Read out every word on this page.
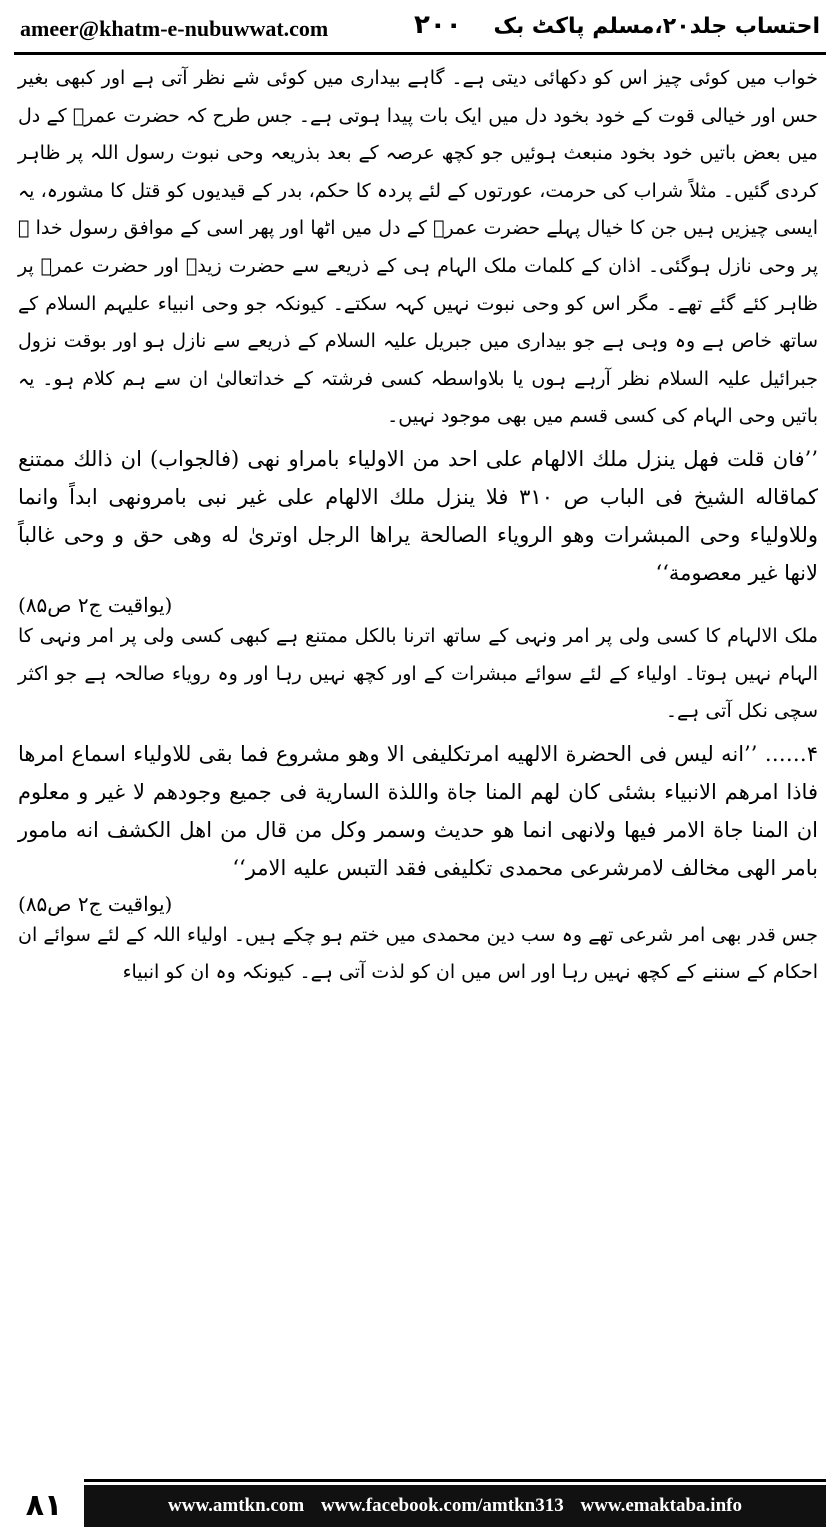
ameer@khatm-e-nubuwwat.com	۲۰۰ احتساب جلد۲۰،مسلم پاکٹ بک

خواب میں کوئی چیز اس کو دکھائی دیتی ہے۔ گاہے بیداری میں کوئی شے نظر آتی ہے اور کبھی بغیر حس اور خیالی قوت کے خود بخود دل میں ایک بات پیدا ہوتی ہے۔ جس طرح کہ حضرت عمرؓ کے دل میں بعض باتیں خود بخود منبعث ہوئیں جو کچھ عرصہ کے بعد بذریعہ وحی نبوت رسول اللہ پر ظاہر کردی گئیں۔ مثلاً شراب کی حرمت، عورتوں کے لئے پردہ کا حکم، بدر کے قیدیوں کو قتل کا مشورہ، یہ ایسی چیزیں ہیں جن کا خیال پہلے حضرت عمرؓ کے دل میں اٹھا اور پھر اسی کے موافق رسول خدا ﷺ پر وحی نازل ہوگئی۔ اذان کے کلمات ملک الہام ہی کے ذریعے سے حضرت زیدؓ اور حضرت عمرؓ پر ظاہر کئے گئے تھے۔ مگر اس کو وحی نبوت نہیں کہہ سکتے۔ کیونکہ جو وحی انبیاء علیہم السلام کے ساتھ خاص ہے وہ وہی ہے جو بیداری میں جبریل علیہ السلام کے ذریعے سے نازل ہو اور بوقت نزول جبرائیل علیہ السلام نظر آرہے ہوں یا بلاواسطہ کسی فرشتہ کے خداتعالیٰ ان سے ہم کلام ہو۔ یہ باتیں وحی الہام کی کسی قسم میں بھی موجود نہیں۔

’’فان قلت فهل ينزل ملك الالهام على احد من الاولياء بامراو نهى (فالجواب) ان ذالك ممتنع كماقاله الشيخ فى الباب ص ۳۱۰ فلا ينزل ملك الالهام على غير نبى بامرونهى ابداً وانما وللاولياء وحى المبشرات وهو الرویاء الصالحة يراها الرجل اوترىٰ له وهى حق و وحى غالباً لانها غير معصومة‘‘

(یواقیت ج۲ ص۸۵)

ملک الالہام کا کسی ولی پر امر ونہی کے ساتھ اترنا بالکل ممتنع ہے کبھی کسی ولی پر امر ونہی کا الہام نہیں ہوتا۔ اولیاء کے لئے سوائے مبشرات کے اور کچھ نہیں رہا اور وہ رویاء صالحہ ہے جو اکثر سچی نکل آتی ہے۔

۴…… ’’انه ليس فى الحضرة الالهيه امرتكليفى الا وهو مشروع فما بقى للاولياء اسماع امرها فاذا امرهم الانبياء بشئى كان لهم المنا جاة واللذة السارية فى جميع وجودهم لا غير و معلوم ان المنا جاة الامر فيها ولانهى انما هو حديث وسمر وكل من قال من اهل الكشف انه مامور بامر الهى مخالف لامرشرعى محمدى تكليفى فقد التبس عليه الامر‘‘

(یواقیت ج۲ ص۸۵)

جس قدر بھی امر شرعی تھے وہ سب دین محمدی میں ختم ہو چکے ہیں۔ اولیاء اللہ کے لئے سوائے ان احکام کے سننے کے کچھ نہیں رہا اور اس میں ان کو لذت آتی ہے۔ کیونکہ وہ ان کو انبیاء

۸۱	www.amtkn.com www.facebook.com/amtkn313 www.emaktaba.info
